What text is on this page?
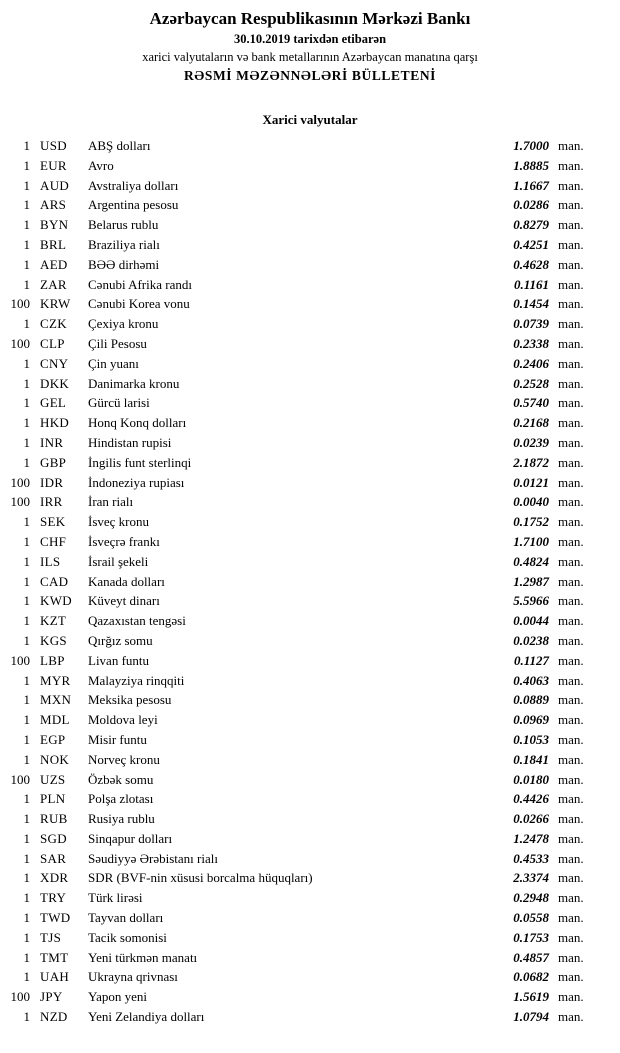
Azərbaycan Respublikasının Mərkəzi Bankı
30.10.2019 tarixdən etibarən
xarici valyutaların və bank metallarının Azərbaycan manatına qarşı
RƏSMİ MƏZƏNNƏLƏRİ BÜLLETENİ
Xarici valyutalar
1 USD	ABŞ dolları	1.7000 man.
1 EUR	Avro	1.8885 man.
1 AUD	Avstraliya dolları	1.1667 man.
1 ARS	Argentina pesosu	0.0286 man.
1 BYN	Belarus rublu	0.8279 man.
1 BRL	Braziliya rialı	0.4251 man.
1 AED	BƏƏ dirhəmi	0.4628 man.
1 ZAR	Cənubi Afrika randı	0.1161 man.
100 KRW	Cənubi Korea vonu	0.1454 man.
1 CZK	Çexiya kronu	0.0739 man.
100 CLP	Çili Pesosu	0.2338 man.
1 CNY	Çin yuanı	0.2406 man.
1 DKK	Danimarka kronu	0.2528 man.
1 GEL	Gürcü larisi	0.5740 man.
1 HKD	Honq Konq dolları	0.2168 man.
1 INR	Hindistan rupisi	0.0239 man.
1 GBP	İngilis funt sterlinqi	2.1872 man.
100 IDR	İndoneziya rupiası	0.0121 man.
100 IRR	İran rialı	0.0040 man.
1 SEK	İsveç kronu	0.1752 man.
1 CHF	İsveçrə frankı	1.7100 man.
1 ILS	İsrail şekeli	0.4824 man.
1 CAD	Kanada dolları	1.2987 man.
1 KWD	Küveyt dinarı	5.5966 man.
1 KZT	Qazaxıstan tengəsi	0.0044 man.
1 KGS	Qırğız somu	0.0238 man.
100 LBP	Livan funtu	0.1127 man.
1 MYR	Malayziya rinqqiti	0.4063 man.
1 MXN	Meksika pesosu	0.0889 man.
1 MDL	Moldova leyi	0.0969 man.
1 EGP	Misir funtu	0.1053 man.
1 NOK	Norveç kronu	0.1841 man.
100 UZS	Özbək somu	0.0180 man.
1 PLN	Polşa zlotası	0.4426 man.
1 RUB	Rusiya rublu	0.0266 man.
1 SGD	Sinqapur dolları	1.2478 man.
1 SAR	Səudiyyə Ərəbistanı rialı	0.4533 man.
1 XDR	SDR (BVF-nin xüsusi borcalma hüquqları)	2.3374 man.
1 TRY	Türk lirəsi	0.2948 man.
1 TWD	Tayvan dolları	0.0558 man.
1 TJS	Tacik somonisi	0.1753 man.
1 TMT	Yeni türkmən manatı	0.4857 man.
1 UAH	Ukrayna qrivnası	0.0682 man.
100 JPY	Yapon yeni	1.5619 man.
1 NZD	Yeni Zelandiya dolları	1.0794 man.
